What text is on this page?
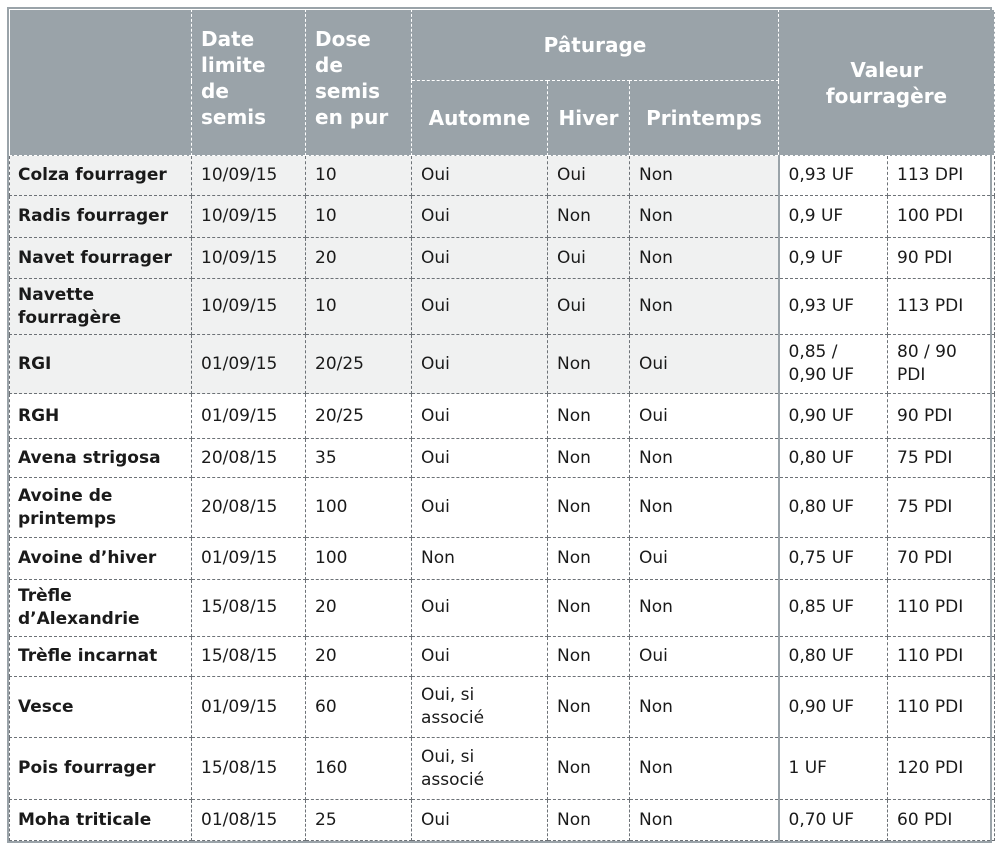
	Date limite de semis	Dose de semis en pur	Pâturage			Valeur fourragère	
			Automne	Hiver	Printemps		
Colza fourrager	10/09/15	10	Oui	Oui	Non	0,93 UF	113 DPI
Radis fourrager	10/09/15	10	Oui	Non	Non	0,9 UF	100 PDI
Navet fourrager	10/09/15	20	Oui	Oui	Non	0,9 UF	90 PDI
Navette fourragère	10/09/15	10	Oui	Oui	Non	0,93 UF	113 PDI
RGI	01/09/15	20/25	Oui	Non	Oui	0,85 / 0,90 UF	80 / 90 PDI
RGH	01/09/15	20/25	Oui	Non	Oui	0,90 UF	90 PDI
Avena strigosa	20/08/15	35	Oui	Non	Non	0,80 UF	75 PDI
Avoine de printemps	20/08/15	100	Oui	Non	Non	0,80 UF	75 PDI
Avoine d’hiver	01/09/15	100	Non	Non	Oui	0,75 UF	70 PDI
Trèfle d’Alexandrie	15/08/15	20	Oui	Non	Non	0,85 UF	110 PDI
Trèfle incarnat	15/08/15	20	Oui	Non	Oui	0,80 UF	110 PDI
Vesce	01/09/15	60	Oui, si associé	Non	Non	0,90 UF	110 PDI
Pois fourrager	15/08/15	160	Oui, si associé	Non	Non	1 UF	120 PDI
Moha triticale	01/08/15	25	Oui	Non	Non	0,70 UF	60 PDI
